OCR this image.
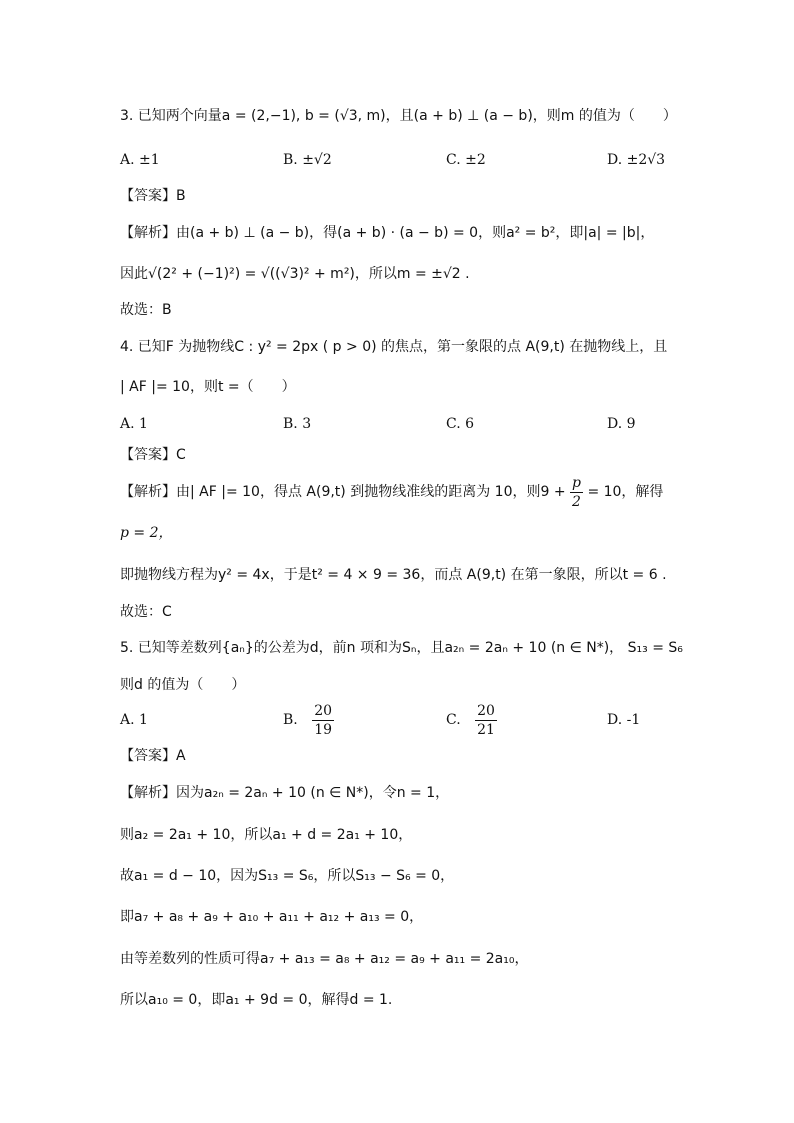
3. 已知两个向量a = (2,−1), b = (√3, m)，且(a + b) ⊥ (a − b)，则m 的值为（　　）
A. ±1	B. ±√2	C. ±2	D. ±2√3
【答案】B
【解析】由(a + b) ⊥ (a − b)，得(a + b) · (a − b) = 0，则a² = b²，即|a| = |b|，
因此√(2² + (−1)²) = √((√3)² + m²)，所以m = ±√2 .
故选：B
4. 已知F 为抛物线C : y² = 2px ( p > 0) 的焦点，第一象限的点 A(9,t) 在抛物线上，且
| AF |= 10，则t =（　　）
A. 1	B. 3	C. 6	D. 9
【答案】C
【解析】由| AF |= 10，得点 A(9,t) 到抛物线准线的距离为 10，则$9 + \frac{p}{2} = 10$，解得
p = 2，
即抛物线方程为y² = 4x，于是t² = 4 × 9 = 36，而点 A(9,t) 在第一象限，所以t = 6 .
故选：C
5. 已知等差数列{aₙ}的公差为d，前n 项和为Sₙ，且a₂ₙ = 2aₙ + 10 (n ∈ N*)， S₁₃ = S₆
则d 的值为（　　）
A. 1	B. $\frac{20}{19}$	C. $\frac{20}{21}$	D. -1
【答案】A
【解析】因为a₂ₙ = 2aₙ + 10 (n ∈ N*)，令n = 1，
则a₂ = 2a₁ + 10，所以a₁ + d = 2a₁ + 10，
故a₁ = d − 10，因为S₁₃ = S₆，所以S₁₃ − S₆ = 0，
即a₇ + a₈ + a₉ + a₁₀ + a₁₁ + a₁₂ + a₁₃ = 0，
由等差数列的性质可得a₇ + a₁₃ = a₈ + a₁₂ = a₉ + a₁₁ = 2a₁₀，
所以a₁₀ = 0，即a₁ + 9d = 0，解得d = 1.
